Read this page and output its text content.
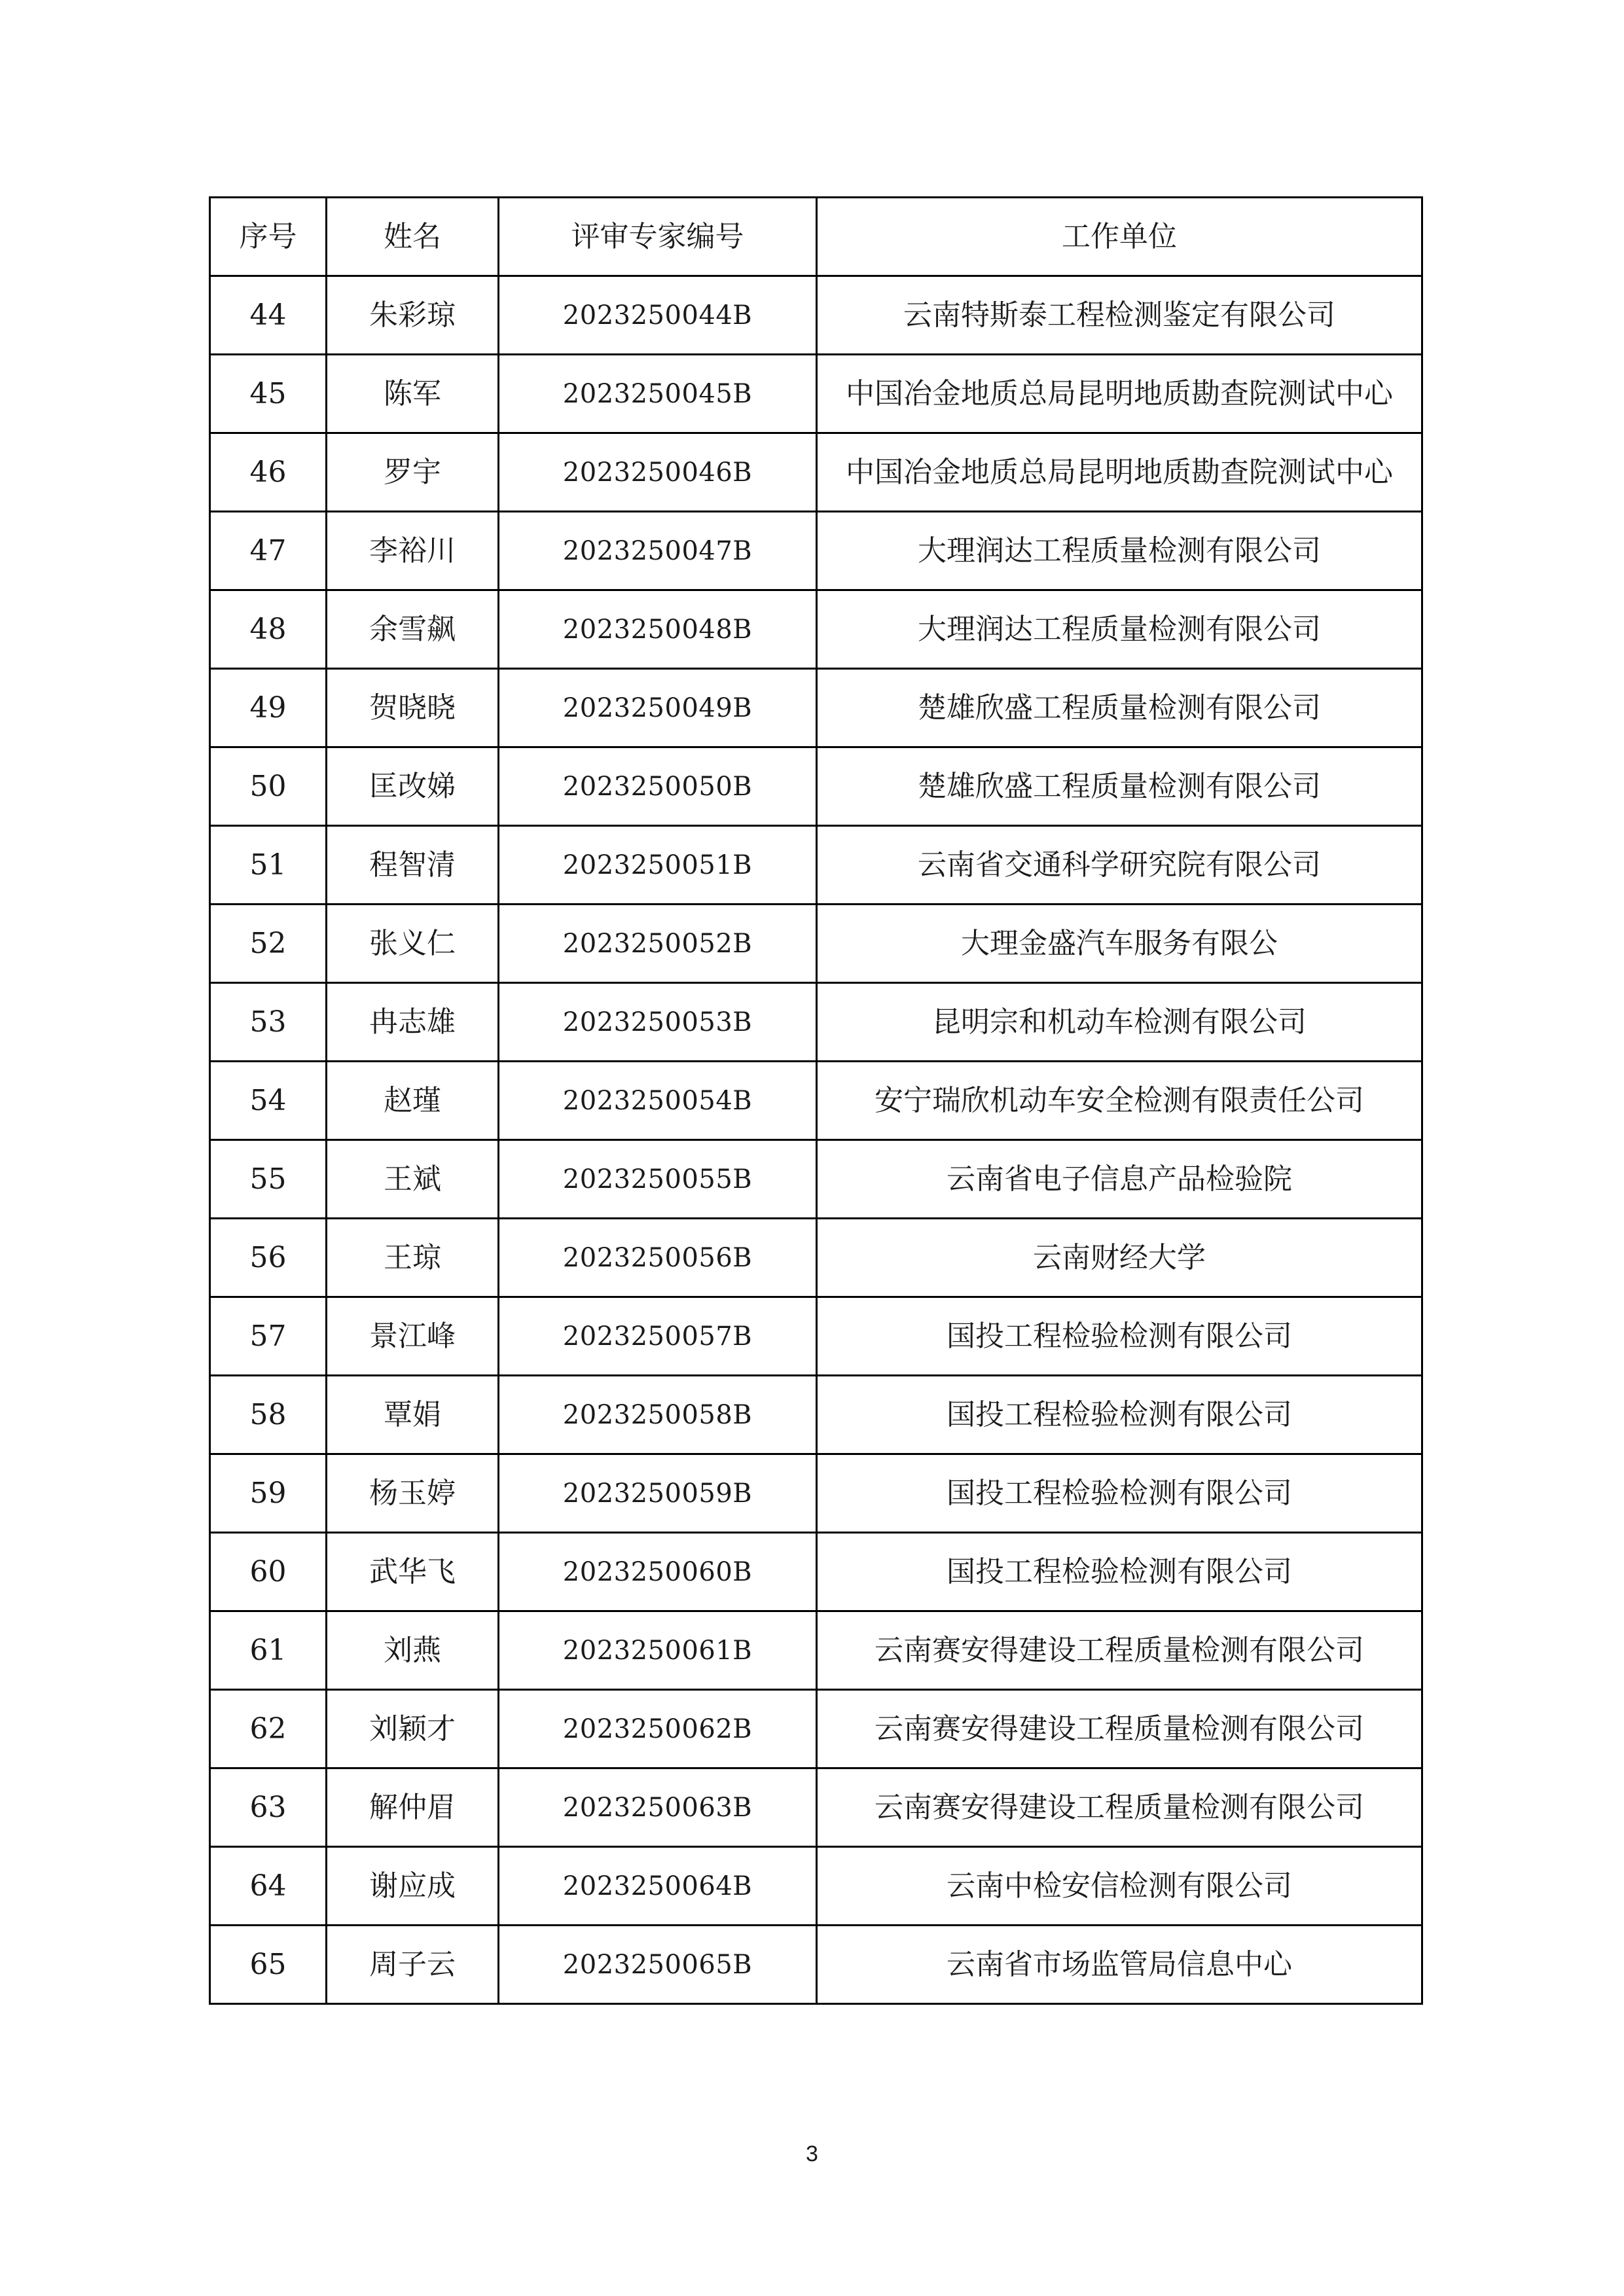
序号	姓名	评审专家编号	工作单位
44	朱彩琼	2023250044B	云南特斯泰工程检测鉴定有限公司
45	陈军	2023250045B	中国冶金地质总局昆明地质勘查院测试中心
46	罗宇	2023250046B	中国冶金地质总局昆明地质勘查院测试中心
47	李裕川	2023250047B	大理润达工程质量检测有限公司
48	余雪飙	2023250048B	大理润达工程质量检测有限公司
49	贺晓晓	2023250049B	楚雄欣盛工程质量检测有限公司
50	匡改娣	2023250050B	楚雄欣盛工程质量检测有限公司
51	程智清	2023250051B	云南省交通科学研究院有限公司
52	张义仁	2023250052B	大理金盛汽车服务有限公
53	冉志雄	2023250053B	昆明宗和机动车检测有限公司
54	赵瑾	2023250054B	安宁瑞欣机动车安全检测有限责任公司
55	王斌	2023250055B	云南省电子信息产品检验院
56	王琼	2023250056B	云南财经大学
57	景江峰	2023250057B	国投工程检验检测有限公司
58	覃娟	2023250058B	国投工程检验检测有限公司
59	杨玉婷	2023250059B	国投工程检验检测有限公司
60	武华飞	2023250060B	国投工程检验检测有限公司
61	刘燕	2023250061B	云南赛安得建设工程质量检测有限公司
62	刘颖才	2023250062B	云南赛安得建设工程质量检测有限公司
63	解仲眉	2023250063B	云南赛安得建设工程质量检测有限公司
64	谢应成	2023250064B	云南中检安信检测有限公司
65	周子云	2023250065B	云南省市场监管局信息中心
3
